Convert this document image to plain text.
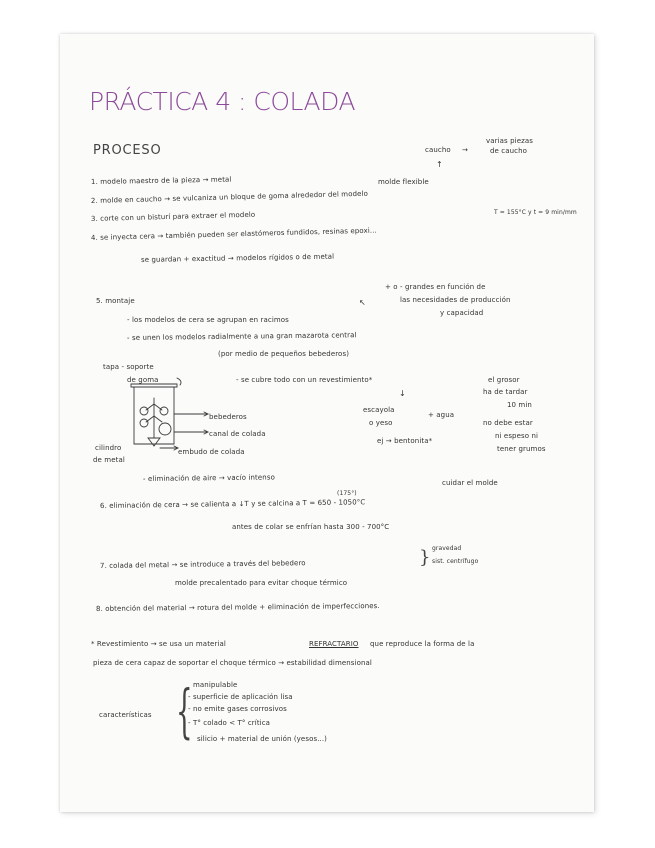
PRÁCTICA 4 : COLADA
PROCESO	caucho →
varias piezas
de caucho
↑
molde flexible
1. modelo maestro de la pieza → metal
2. molde en caucho → se vulcaniza un bloque de goma alrededor del modelo
T = 155°C y t = 9 min/mm
3. corte con un bisturí para extraer el modelo
4. se inyecta cera → también pueden ser elastómeros fundidos, resinas epoxi...
se guardan + exactitud → modelos rígidos o de metal
+ o - grandes en función de
las necesidades de producción
5. montaje	↖
y capacidad
- los modelos de cera se agrupan en racimos
- se unen los modelos radialmente a una gran mazarota central
(por medio de pequeños bebederos)
tapa - soporte
de goma	- se cubre todo con un revestimiento*	el grosor
ha de tardar
↓
10 min
escayola
+ agua
bebederos
o yeso	no debe estar
canal de colada	ni espeso ni
ej → bentonita*
cilindro	tener grumos
embudo de colada
de metal
- eliminación de aire → vacío intenso
cuidar el molde
(175°)
6. eliminación de cera → se calienta a ↓T y se calcina a T = 650 - 1050°C
antes de colar se enfrían hasta 300 - 700°C
gravedad
}
7. colada del metal → se introduce a través del bebedero	sist. centrífugo
molde precalentado para evitar choque térmico
8. obtención del material → rotura del molde + eliminación de imperfecciones.
* Revestimiento → se usa un material	REFRACTARIO que reproduce la forma de la
pieza de cera capaz de soportar el choque térmico → estabilidad dimensional
manipulable
- superficie de aplicación lisa
- no emite gases corrosivos
características {
- T° colado < T° crítica
silicio + material de unión (yesos...)
